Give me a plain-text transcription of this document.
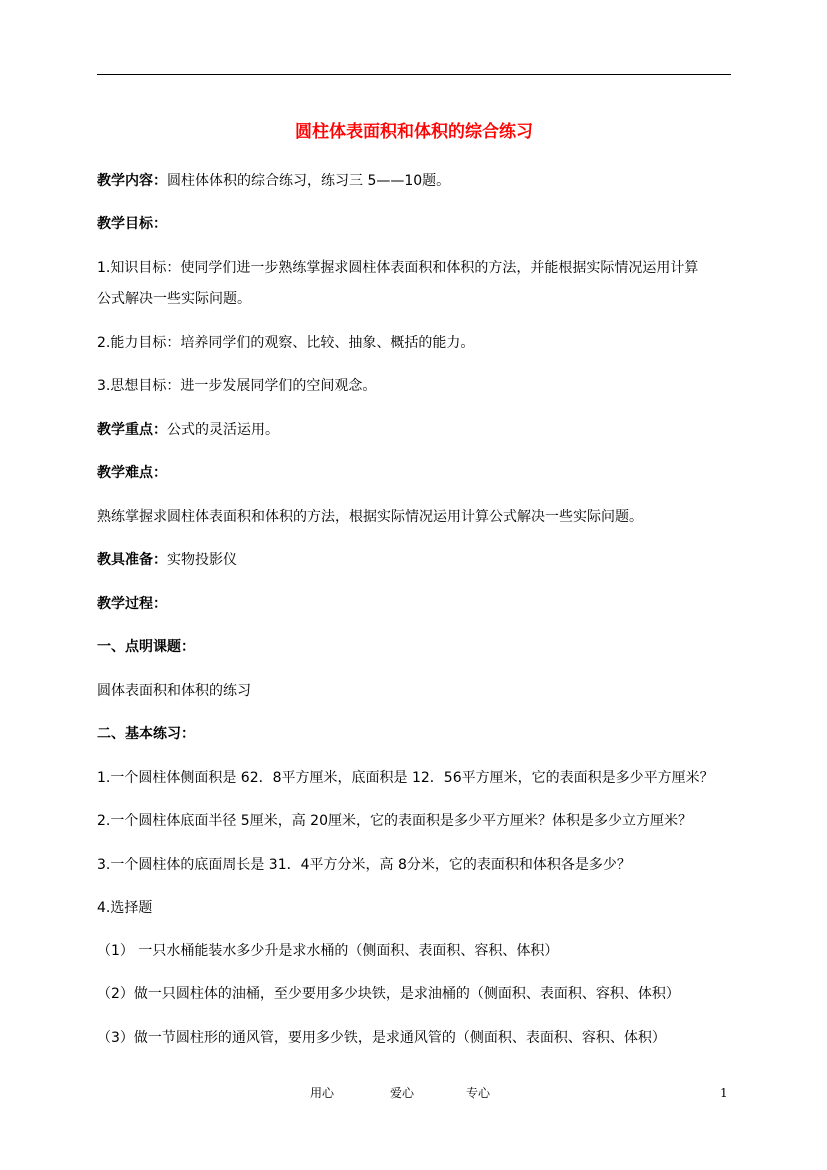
圆柱体表面积和体积的综合练习
教学内容：圆柱体体积的综合练习，练习三 5——10题。
教学目标：
1.知识目标：使同学们进一步熟练掌握求圆柱体表面积和体积的方法，并能根据实际情况运用计算
公式解决一些实际问题。
2.能力目标：培养同学们的观察、比较、抽象、概括的能力。
3.思想目标：进一步发展同学们的空间观念。
教学重点：公式的灵活运用。
教学难点：
熟练掌握求圆柱体表面积和体积的方法，根据实际情况运用计算公式解决一些实际问题。
教具准备：实物投影仪
教学过程：
一、点明课题：
圆体表面积和体积的练习
二、基本练习：
1.一个圆柱体侧面积是 62．8平方厘米，底面积是 12．56平方厘米，它的表面积是多少平方厘米？
2.一个圆柱体底面半径 5厘米，高 20厘米，它的表面积是多少平方厘米？体积是多少立方厘米？
3.一个圆柱体的底面周长是 31．4平方分米，高 8分米，它的表面积和体积各是多少？
4.选择题
（1） 一只水桶能装水多少升是求水桶的（侧面积、表面积、容积、体积）
（2）做一只圆柱体的油桶，至少要用多少块铁，是求油桶的（侧面积、表面积、容积、体积）
（3）做一节圆柱形的通风管，要用多少铁，是求通风管的（侧面积、表面积、容积、体积）
用心	爱心	专心	1
